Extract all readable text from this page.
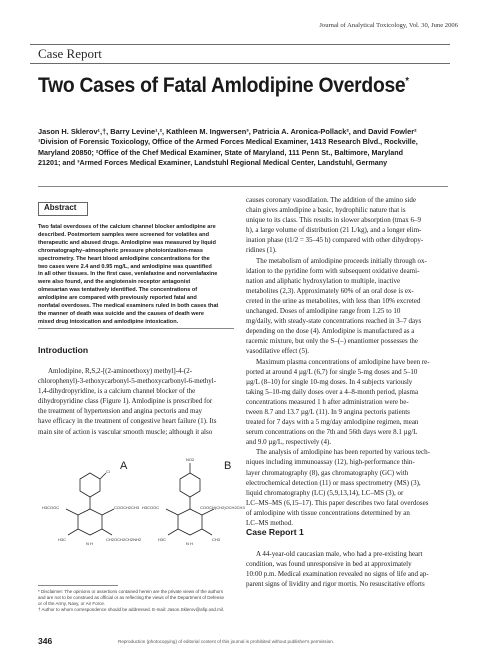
Journal of Analytical Toxicology, Vol. 30, June 2006
Case Report
Two Cases of Fatal Amlodipine Overdose*
Jason H. Sklerov¹,†, Barry Levine¹,², Kathleen M. Ingwersen³, Patricia A. Aronica-Pollack², and David Fowler²
¹Division of Forensic Toxicology, Office of the Armed Forces Medical Examiner, 1413 Research Blvd., Rockville,
Maryland 20850; ²Office of the Chef Medical Examiner, State of Maryland, 111 Penn St., Baltimore, Maryland
21201; and ³Armed Forces Medical Examiner, Landstuhl Regional Medical Center, Landstuhl, Germany
Abstract
Two fatal overdoses of the calcium channel blocker amlodipine are
described. Postmortem samples were screened for volatiles and
therapeutic and abused drugs. Amlodipine was measured by liquid
chromatography–atmospheric pressure photoionization-mass
spectrometry. The heart blood amlodipine concentrations for the
two cases were 2.4 and 0.95 mg/L, and amlodipine was quantified
in all other tissues. In the first case, venlafaxine and norvenlafaxine
were also found, and the angiotensin receptor antagonist
olmesartan was tentatively identified. The concentrations of
amlodipine are compared with previously reported fatal and
nonfatal overdoses. The medical examiners ruled in both cases that
the manner of death was suicide and the causes of death were
mixed drug intoxication and amlodipine intoxication.
Introduction
Amlodipine, R,S,2-[(2-aminoethoxy) methyl]-4-(2-
chlorophenyl)-3-ethoxycarbonyl-5-methoxycarbonyl-6-methyl-
1,4-dihydropyridine, is a calcium channel blocker of the
dihydropyridine class (Figure 1). Amlodipine is prescribed for
the treatment of hypertension and angina pectoris and may
have efficacy in the treatment of congestive heart failure (1). Its
main site of action is vascular smooth muscle; although it also
A	B
Cl
H3COOC	COOCH2CH3
H3C
N H
CH2OCH2CH2NH2
NO2
H3COOC	COOCH(CH2)OCH2CH3
H3C
N H
CH3
* Disclaimer: The opinions or assertions contained herein are the private views of the authors
and are not to be construed as official or as reflecting the views of the Department of Defense
or of the Army, Navy, or Air Force.
† Author to whom correspondence should be addressed. E-mail: Jason.Sklerov@afip.osd.mil.
causes coronary vasodilation. The addition of the amino side
chain gives amlodipine a basic, hydrophilic nature that is
unique to its class. This results in slower absorption (tmax 6–9
h), a large volume of distribution (21 L/kg), and a longer elim-
ination phase (t1/2 = 35–45 h) compared with other dihydropy-
ridines (1).
The metabolism of amlodipine proceeds initially through ox-
idation to the pyridine form with subsequent oxidative deami-
nation and aliphatic hydroxylation to multiple, inactive
metabolites (2,3). Approximately 60% of an oral dose is ex-
creted in the urine as metabolites, with less than 10% excreted
unchanged. Doses of amlodipine range from 1.25 to 10
mg/daily, with steady-state concentrations reached in 3–7 days
depending on the dose (4). Amlodipine is manufactured as a
racemic mixture, but only the S–(–) enantiomer possesses the
vasodilative effect (5).
Maximum plasma concentrations of amlodipine have been re-
ported at around 4 µg/L (6,7) for single 5-mg doses and 5–10
µg/L (8–10) for single 10-mg doses. In 4 subjects variously
taking 5–10-mg daily doses over a 4–8-month period, plasma
concentrations measured 1 h after administration were be-
tween 8.7 and 13.7 µg/L (11). In 9 angina pectoris patients
treated for 7 days with a 5 mg/day amlodipine regimen, mean
serum concentrations on the 7th and 56th days were 8.1 µg/L
and 9.0 µg/L, respectively (4).
The analysis of amlodipine has been reported by various tech-
niques including immunoassay (12), high-performance thin-
layer chromatography (8), gas chromatography (GC) with
electrochemical detection (11) or mass spectrometry (MS) (3),
liquid chromatography (LC) (5,9,13,14), LC–MS (3), or
LC–MS–MS (6,15–17). This paper describes two fatal overdoses
of amlodipine with tissue concentrations determined by an
LC–MS method.
Case Report 1
A 44-year-old caucasian male, who had a pre-existing heart
condition, was found unresponsive in bed at approximately
10:00 p.m. Medical examination revealed no signs of life and ap-
parent signs of lividity and rigor mortis. No resuscitative efforts
346	Reproduction (photocopying) of editorial content of this journal is prohibited without publisher's permission.
